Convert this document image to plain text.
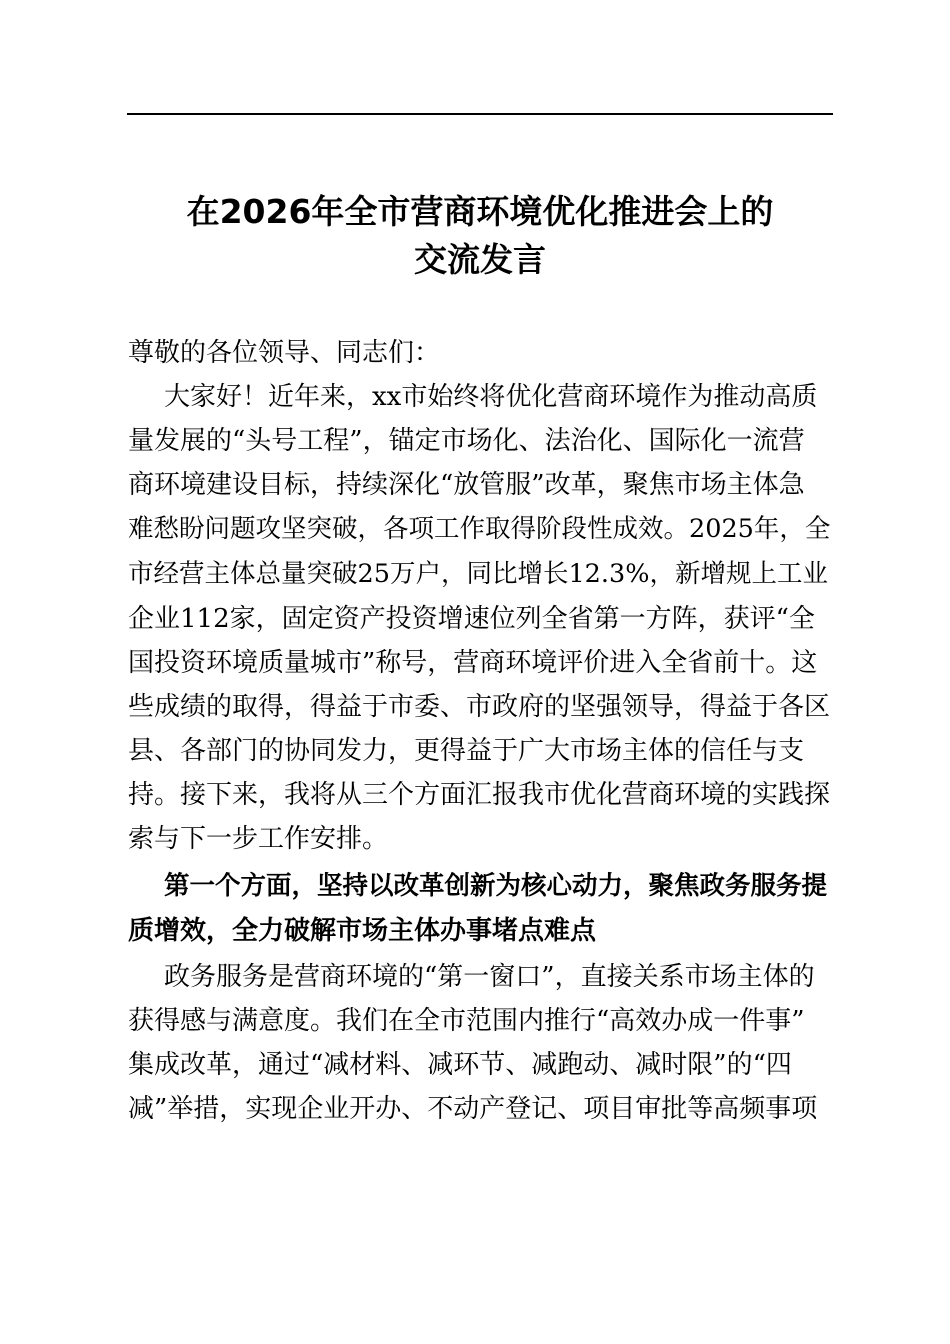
在2026年全市营商环境优化推进会上的
交流发言
尊敬的各位领导、同志们：
大家好！近年来，xx市始终将优化营商环境作为推动高质
量发展的“头号工程”，锚定市场化、法治化、国际化一流营
商环境建设目标，持续深化“放管服”改革，聚焦市场主体急
难愁盼问题攻坚突破，各项工作取得阶段性成效。2025年，全
市经营主体总量突破25万户，同比增长12.3%，新增规上工业
企业112家，固定资产投资增速位列全省第一方阵，获评“全
国投资环境质量城市”称号，营商环境评价进入全省前十。这
些成绩的取得，得益于市委、市政府的坚强领导，得益于各区
县、各部门的协同发力，更得益于广大市场主体的信任与支
持。接下来，我将从三个方面汇报我市优化营商环境的实践探
索与下一步工作安排。
第一个方面，坚持以改革创新为核心动力，聚焦政务服务提
质增效，全力破解市场主体办事堵点难点
政务服务是营商环境的“第一窗口”，直接关系市场主体的
获得感与满意度。我们在全市范围内推行“高效办成一件事”
集成改革，通过“减材料、减环节、减跑动、减时限”的“四
减”举措，实现企业开办、不动产登记、项目审批等高频事项
